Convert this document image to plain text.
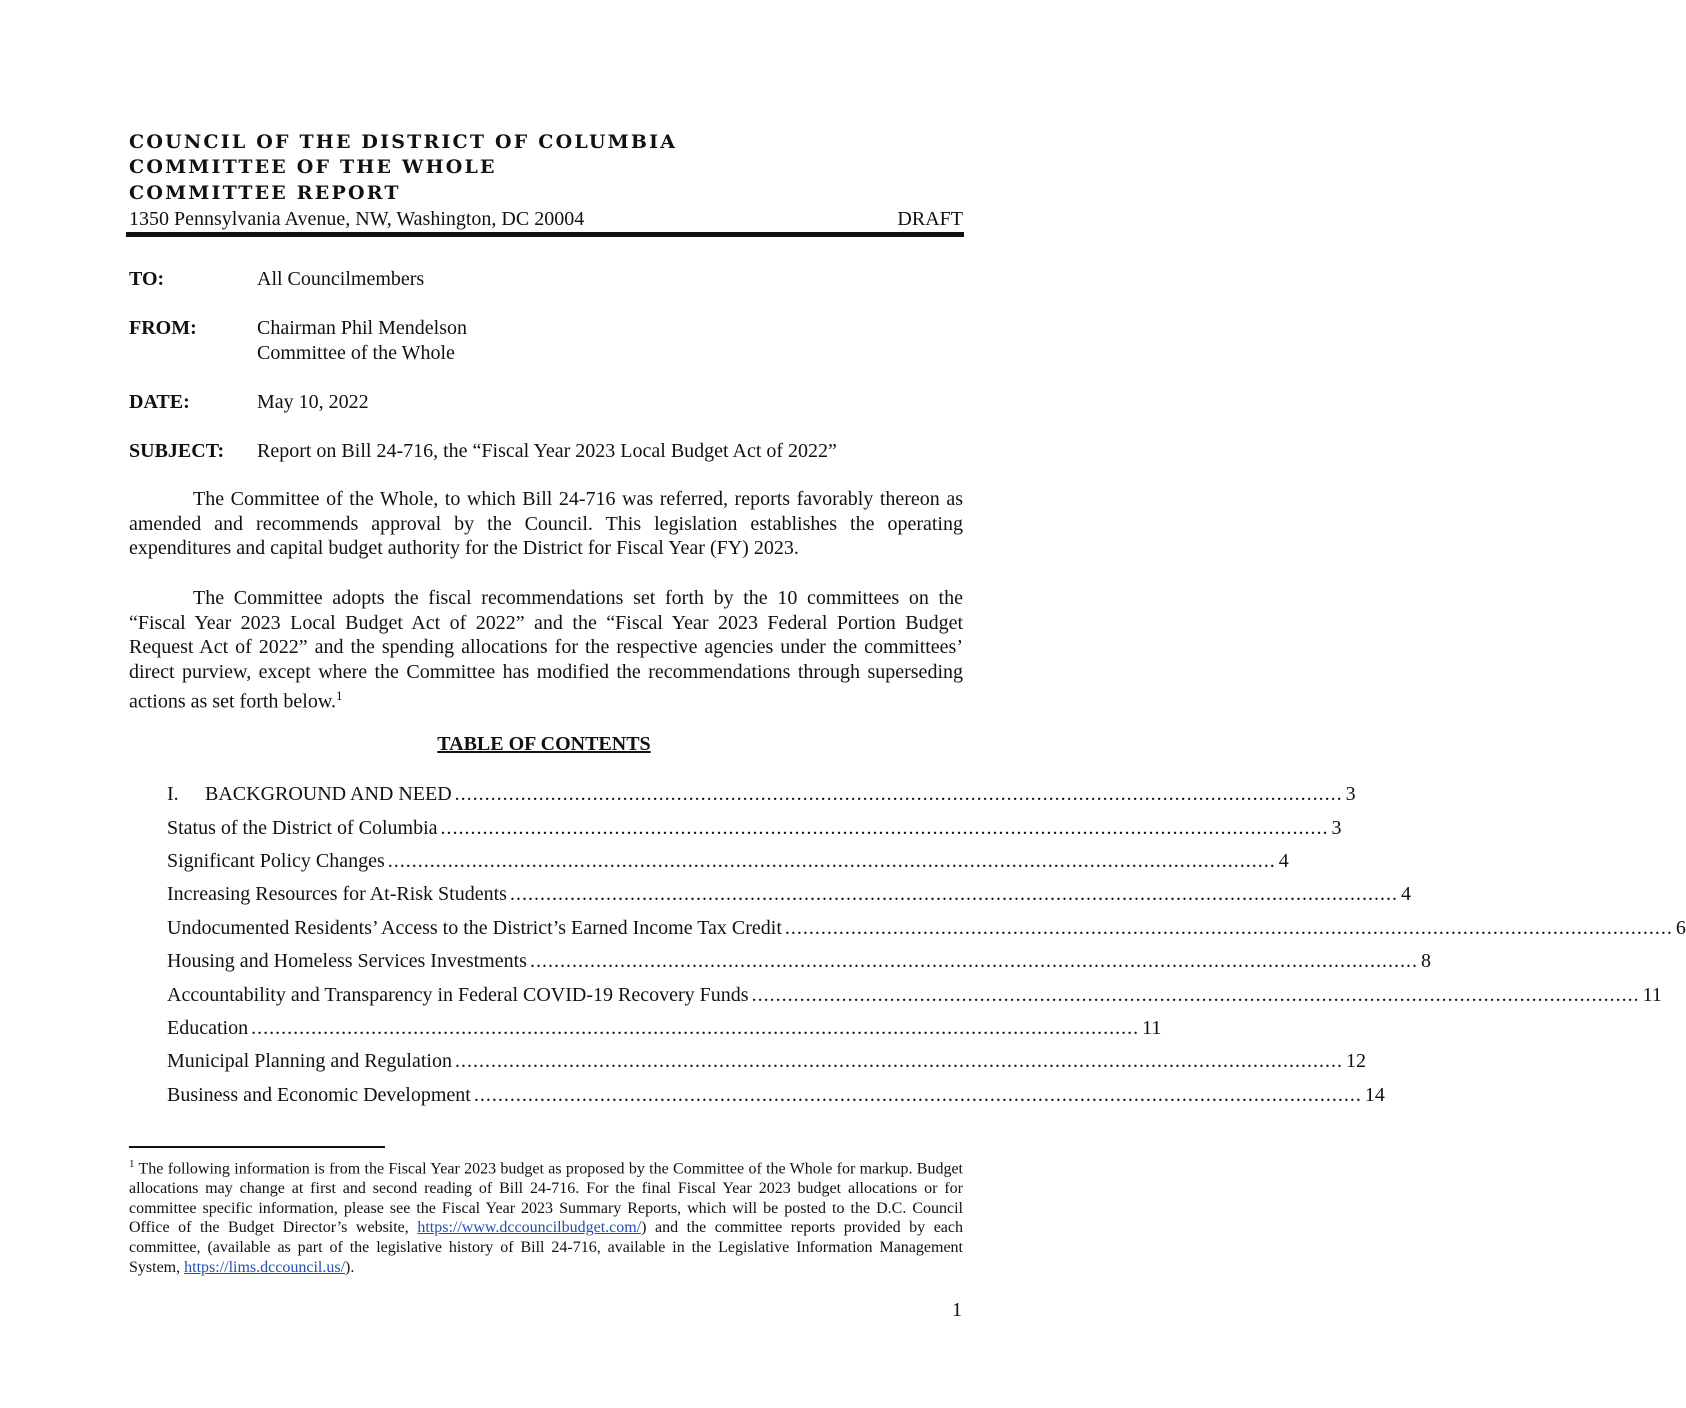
COUNCIL OF THE DISTRICT OF COLUMBIA
COMMITTEE OF THE WHOLE
COMMITTEE REPORT
1350 Pennsylvania Avenue, NW, Washington, DC 20004	DRAFT
TO:	All Councilmembers
FROM:	Chairman Phil Mendelson
Committee of the Whole
DATE:	May 10, 2022
SUBJECT: Report on Bill 24-716, the “Fiscal Year 2023 Local Budget Act of 2022”

The Committee of the Whole, to which Bill 24-716 was referred, reports favorably thereon as amended and recommends approval by the Council. This legislation establishes the operating expenditures and capital budget authority for the District for Fiscal Year (FY) 2023.

The Committee adopts the fiscal recommendations set forth by the 10 committees on the “Fiscal Year 2023 Local Budget Act of 2022” and the “Fiscal Year 2023 Federal Portion Budget Request Act of 2022” and the spending allocations for the respective agencies under the committees’ direct purview, except where the Committee has modified the recommendations through superseding actions as set forth below.$^1$

TABLE OF CONTENTS
I.	BACKGROUND AND NEED .................................................................................................................................................... 3
Status of the District of Columbia .................................................................................................................................................... 3
Significant Policy Changes .................................................................................................................................................... 4
Increasing Resources for At-Risk Students .................................................................................................................................................... 4
Undocumented Residents’ Access to the District’s Earned Income Tax Credit .................................................................................................................................................... 6
Housing and Homeless Services Investments .................................................................................................................................................... 8
Accountability and Transparency in Federal COVID-19 Recovery Funds .................................................................................................................................................... 11
Education .................................................................................................................................................... 11
Municipal Planning and Regulation .................................................................................................................................................... 12
Business and Economic Development .................................................................................................................................................... 14

$^1$ The following information is from the Fiscal Year 2023 budget as proposed by the Committee of the Whole for markup. Budget allocations may change at first and second reading of Bill 24-716. For the final Fiscal Year 2023 budget allocations or for committee specific information, please see the Fiscal Year 2023 Summary Reports, which will be posted to the D.C. Council Office of the Budget Director’s website, https://www.dccouncilbudget.com/) and the committee reports provided by each committee, (available as part of the legislative history of Bill 24-716, available in the Legislative Information Management System, https://lims.dccouncil.us/).

1
